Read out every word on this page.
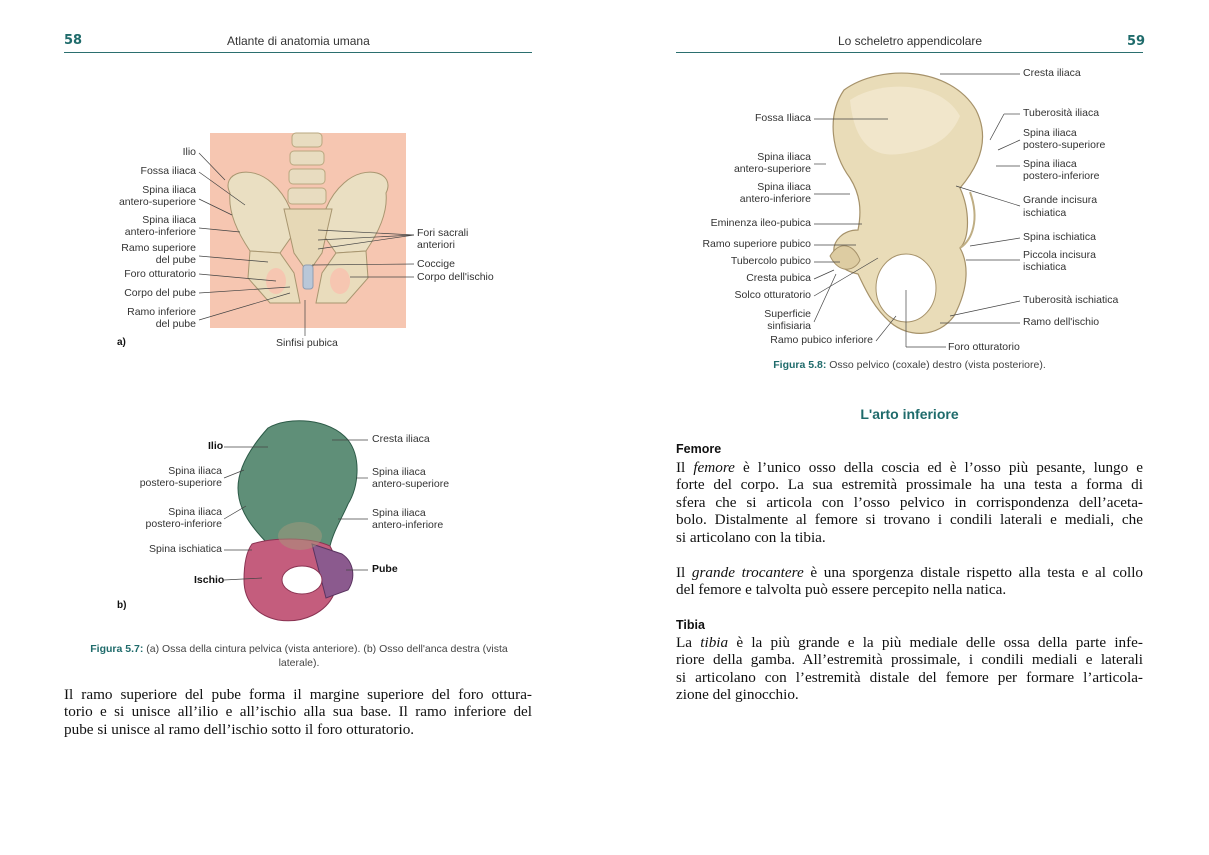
58	Atlante di anatomia umana
Ilio
Fossa iliaca
Spina iliaca
antero-superiore
Spina iliaca
antero-inferiore
Ramo superiore
del pube
Foro otturatorio
Corpo del pube
Ramo inferiore
del pube
Fori sacrali
anteriori
Coccige
Corpo dell'ischio
Sinfisi pubica
a)
Ilio
Spina iliaca
postero-superiore
Spina iliaca
postero-inferiore
Spina ischiatica
Ischio
Pube
Cresta iliaca
Spina iliaca
antero-superiore
Spina iliaca
antero-inferiore
b)
Figura 5.7: (a) Ossa della cintura pelvica (vista anteriore). (b) Osso dell'anca destra (vista
laterale).
Il ramo superiore del pube forma il margine superiore del foro ottura-
torio e si unisce all’ilio e all’ischio alla sua base. Il ramo inferiore del
pube si unisce al ramo dell’ischio sotto il foro otturatorio.
Lo scheletro appendicolare	59
Fossa Iliaca
Spina iliaca
antero-superiore
Spina iliaca
antero-inferiore
Eminenza ileo-pubica
Ramo superiore pubico
Tubercolo pubico
Cresta pubica
Solco otturatorio
Superficie
sinfisiaria
Ramo pubico inferiore
Cresta iliaca
Tuberosità iliaca
Spina iliaca
postero-superiore
Spina iliaca
postero-inferiore
Grande incisura
ischiatica
Spina ischiatica
Piccola incisura
ischiatica
Tuberosità ischiatica
Ramo dell'ischio
Foro otturatorio
Figura 5.8: Osso pelvico (coxale) destro (vista posteriore).
L'arto inferiore
Femore
Il femore è l’unico osso della coscia ed è l’osso più pesante, lungo e
forte del corpo. La sua estremità prossimale ha una testa a forma di
sfera che si articola con l’osso pelvico in corrispondenza dell’aceta-
bolo. Distalmente al femore si trovano i condili laterali e mediali, che
si articolano con la tibia.
Il grande trocantere è una sporgenza distale rispetto alla testa e al collo
del femore e talvolta può essere percepito nella natica.
Tibia
La tibia è la più grande e la più mediale delle ossa della parte infe-
riore della gamba. All’estremità prossimale, i condili mediali e laterali
si articolano con l’estremità distale del femore per formare l’articola-
zione del ginocchio.
